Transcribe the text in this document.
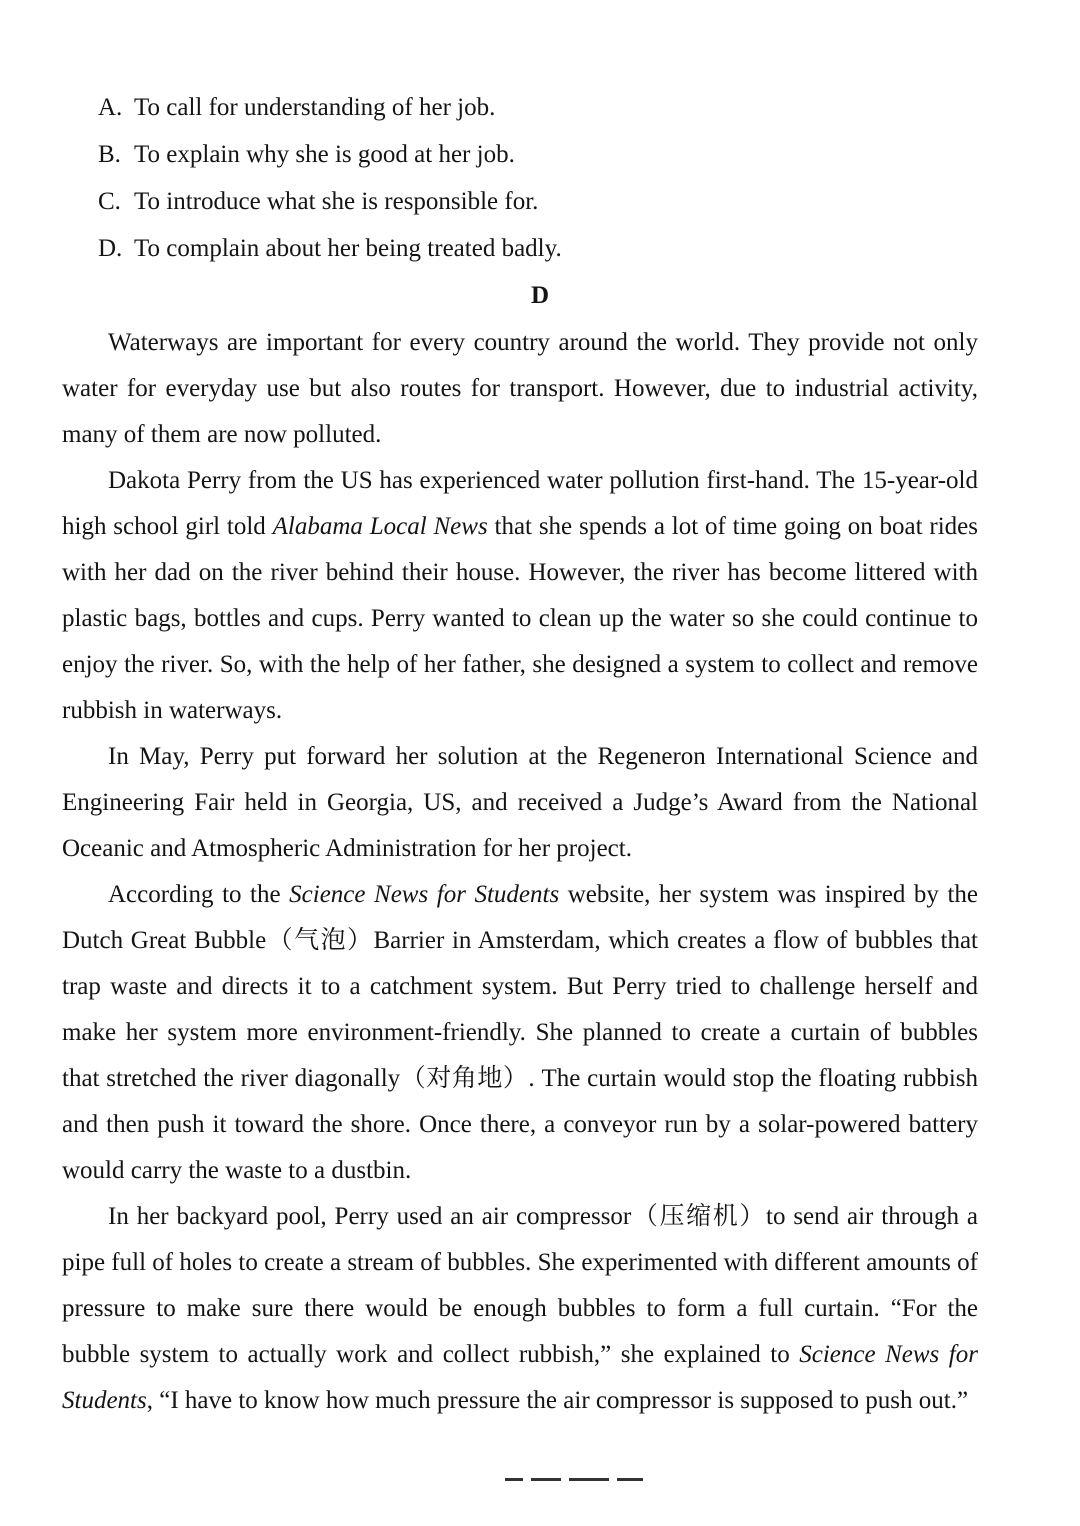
A. To call for understanding of her job.
B. To explain why she is good at her job.
C. To introduce what she is responsible for.
D. To complain about her being treated badly.
D

Waterways are important for every country around the world. They provide not only water for everyday use but also routes for transport. However, due to industrial activity, many of them are now polluted.

Dakota Perry from the US has experienced water pollution first-hand. The 15-year-old high school girl told Alabama Local News that she spends a lot of time going on boat rides with her dad on the river behind their house. However, the river has become littered with plastic bags, bottles and cups. Perry wanted to clean up the water so she could continue to enjoy the river. So, with the help of her father, she designed a system to collect and remove rubbish in waterways.

In May, Perry put forward her solution at the Regeneron International Science and Engineering Fair held in Georgia, US, and received a Judge’s Award from the National Oceanic and Atmospheric Administration for her project.

According to the Science News for Students website, her system was inspired by the Dutch Great Bubble（气泡）Barrier in Amsterdam, which creates a flow of bubbles that trap waste and directs it to a catchment system. But Perry tried to challenge herself and make her system more environment-friendly. She planned to create a curtain of bubbles that stretched the river diagonally（对角地）. The curtain would stop the floating rubbish and then push it toward the shore. Once there, a conveyor run by a solar-powered battery would carry the waste to a dustbin.

In her backyard pool, Perry used an air compressor（压缩机）to send air through a pipe full of holes to create a stream of bubbles. She experimented with different amounts of pressure to make sure there would be enough bubbles to form a full curtain. “For the bubble system to actually work and collect rubbish,” she explained to Science News for Students, “I have to know how much pressure the air compressor is supposed to push out.”
